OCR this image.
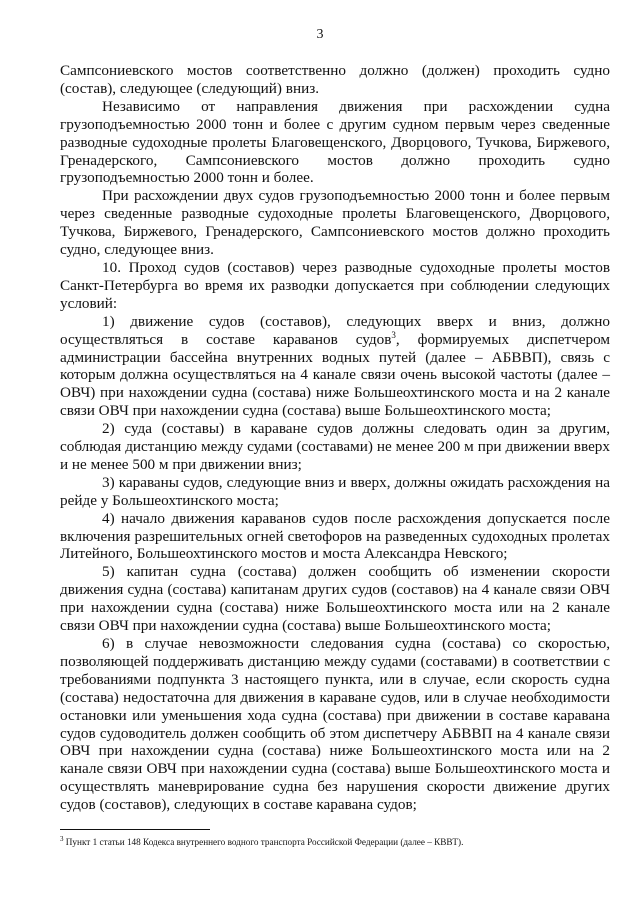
3

Сампсониевского мостов соответственно должно (должен) проходить судно (состав), следующее (следующий) вниз.

Независимо от направления движения при расхождении судна грузоподъемностью 2000 тонн и более с другим судном первым через сведенные разводные судоходные пролеты Благовещенского, Дворцового, Тучкова, Биржевого, Гренадерского, Сампсониевского мостов должно проходить судно грузоподъемностью 2000 тонн и более.

При расхождении двух судов грузоподъемностью 2000 тонн и более первым через сведенные разводные судоходные пролеты Благовещенского, Дворцового, Тучкова, Биржевого, Гренадерского, Сампсониевского мостов должно проходить судно, следующее вниз.

10. Проход судов (составов) через разводные судоходные пролеты мостов Санкт-Петербурга во время их разводки допускается при соблюдении следующих условий:

1) движение судов (составов), следующих вверх и вниз, должно осуществляться в составе караванов судов$^3$, формируемых диспетчером администрации бассейна внутренних водных путей (далее – АБВВП), связь с которым должна осуществляться на 4 канале связи очень высокой частоты (далее – ОВЧ) при нахождении судна (состава) ниже Большеохтинского моста и на 2 канале связи ОВЧ при нахождении судна (состава) выше Большеохтинского моста;

2) суда (составы) в караване судов должны следовать один за другим, соблюдая дистанцию между судами (составами) не менее 200 м при движении вверх и не менее 500 м при движении вниз;

3) караваны судов, следующие вниз и вверх, должны ожидать расхождения на рейде у Большеохтинского моста;

4) начало движения караванов судов после расхождения допускается после включения разрешительных огней светофоров на разведенных судоходных пролетах Литейного, Большеохтинского мостов и моста Александра Невского;

5) капитан судна (состава) должен сообщить об изменении скорости движения судна (состава) капитанам других судов (составов) на 4 канале связи ОВЧ при нахождении судна (состава) ниже Большеохтинского моста или на 2 канале связи ОВЧ при нахождении судна (состава) выше Большеохтинского моста;

6) в случае невозможности следования судна (состава) со скоростью, позволяющей поддерживать дистанцию между судами (составами) в соответствии с требованиями подпункта 3 настоящего пункта, или в случае, если скорость судна (состава) недостаточна для движения в караване судов, или в случае необходимости остановки или уменьшения хода судна (состава) при движении в составе каравана судов судоводитель должен сообщить об этом диспетчеру АБВВП на 4 канале связи ОВЧ при нахождении судна (состава) ниже Большеохтинского моста или на 2 канале связи ОВЧ при нахождении судна (состава) выше Большеохтинского моста и осуществлять маневрирование судна без нарушения скорости движение других судов (составов), следующих в составе каравана судов;

$^3$ Пункт 1 статьи 148 Кодекса внутреннего водного транспорта Российской Федерации (далее – КВВТ).
